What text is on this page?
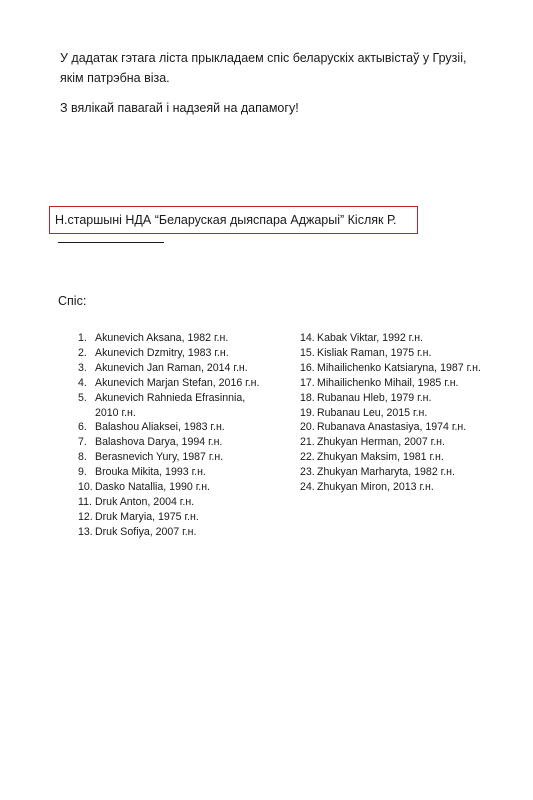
У дадатак гэтага ліста прыкладаем спіс беларускіх актывістаў у Грузіі,
якім патрэбна віза.
З вялікай павагай і надзеяй на дапамогу!
Н.старшыні НДА “Беларуская дыяспара Аджарыі” Кісляк Р.
Спіс:
1. Akunevich Aksana, 1982 г.н.
2. Akunevich Dzmitry, 1983 г.н.
3. Akunevich Jan Raman, 2014 г.н.
4. Akunevich Marjan Stefan, 2016 г.н.
5. Akunevich Rahnieda Efrasinnia,
2010 г.н.
6. Balashou Aliaksei, 1983 г.н.
7. Balashova Darya, 1994 г.н.
8. Berasnevich Yury, 1987 г.н.
9. Brouka Mikita, 1993 г.н.
10. Dasko Natallia, 1990 г.н.
11. Druk Anton, 2004 г.н.
12. Druk Maryia, 1975 г.н.
13. Druk Sofiya, 2007 г.н.
14. Kabak Viktar, 1992 г.н.
15. Kisliak Raman, 1975 г.н.
16. Mihailichenko Katsiaryna, 1987 г.н.
17. Mihailichenko Mihail, 1985 г.н.
18. Rubanau Hleb, 1979 г.н.
19. Rubanau Leu, 2015 г.н.
20. Rubanava Anastasiya, 1974 г.н.
21. Zhukyan Herman, 2007 г.н.
22. Zhukyan Maksim, 1981 г.н.
23. Zhukyan Marharyta, 1982 г.н.
24. Zhukyan Miron, 2013 г.н.
